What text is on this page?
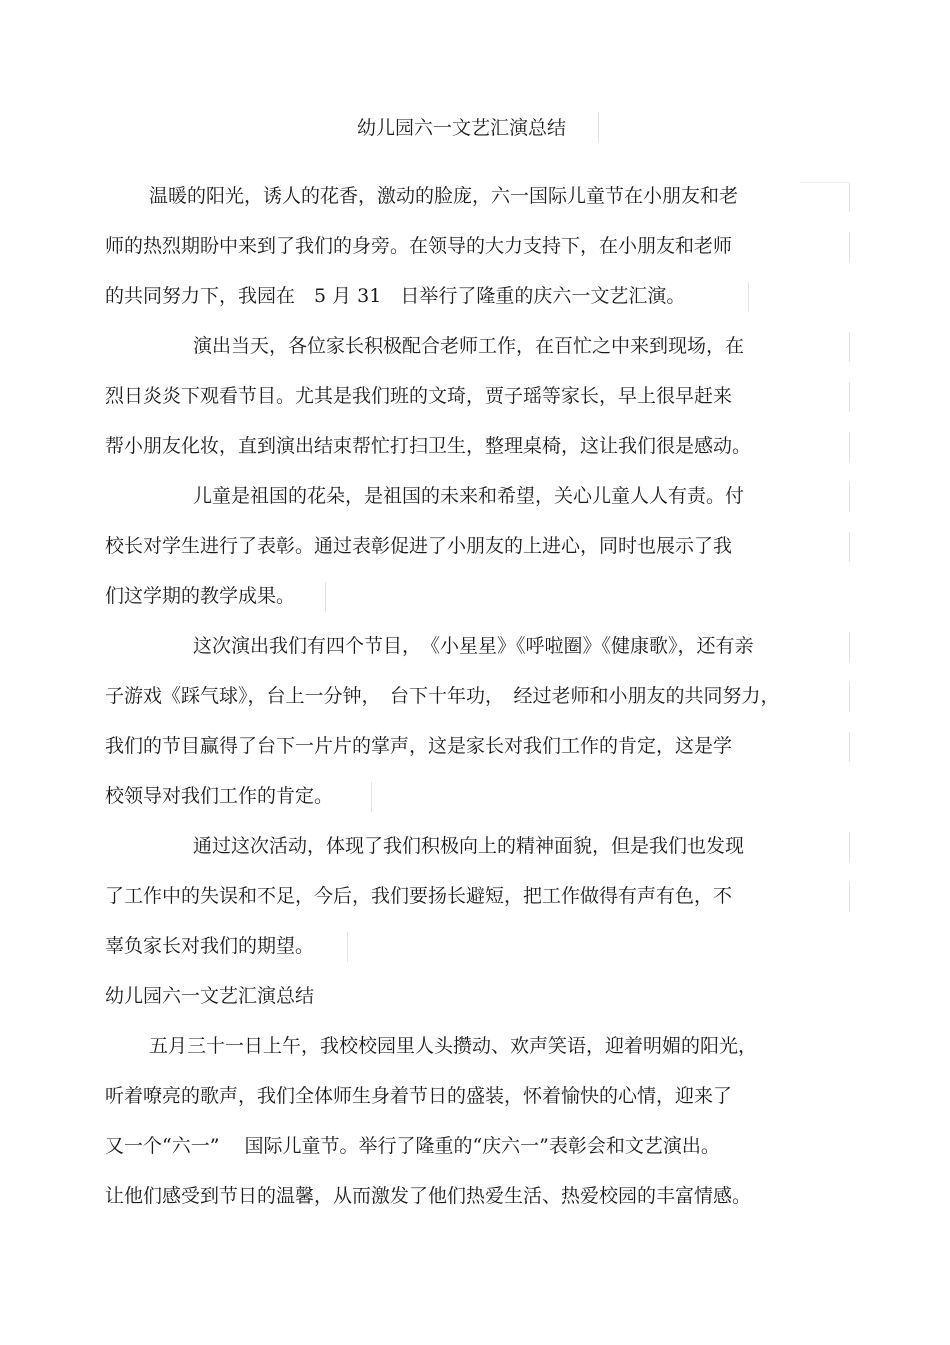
幼儿园六一文艺汇演总结
温暖的阳光，诱人的花香，激动的脸庞，六一国际儿童节在小朋友和老
师的热烈期盼中来到了我们的身旁。在领导的大力支持下，在小朋友和老师
的共同努力下，我园在　5 月 31　日举行了隆重的庆六一文艺汇演。
演出当天，各位家长积极配合老师工作，在百忙之中来到现场，在
烈日炎炎下观看节目。尤其是我们班的文琦，贾子瑶等家长，早上很早赶来
帮小朋友化妆，直到演出结束帮忙打扫卫生，整理桌椅，这让我们很是感动。
儿童是祖国的花朵，是祖国的未来和希望，关心儿童人人有责。付
校长对学生进行了表彰。通过表彰促进了小朋友的上进心，同时也展示了我
们这学期的教学成果。
这次演出我们有四个节目，　《小星星》《呼啦圈》《健康歌》，还有亲
子游戏《踩气球》，台上一分钟，　台下十年功，　经过老师和小朋友的共同努力，
我们的节目赢得了台下一片片的掌声，这是家长对我们工作的肯定，这是学
校领导对我们工作的肯定。
通过这次活动，体现了我们积极向上的精神面貌，但是我们也发现
了工作中的失误和不足，今后，我们要扬长避短，把工作做得有声有色，不
辜负家长对我们的期望。
幼儿园六一文艺汇演总结
五月三十一日上午，我校校园里人头攒动、欢声笑语，迎着明媚的阳光，
听着嘹亮的歌声，我们全体师生身着节日的盛装，怀着愉快的心情，迎来了
又一个“六一”　 国际儿童节。举行了隆重的“庆六一”表彰会和文艺演出。
让他们感受到节日的温馨，从而激发了他们热爱生活、热爱校园的丰富情感。
